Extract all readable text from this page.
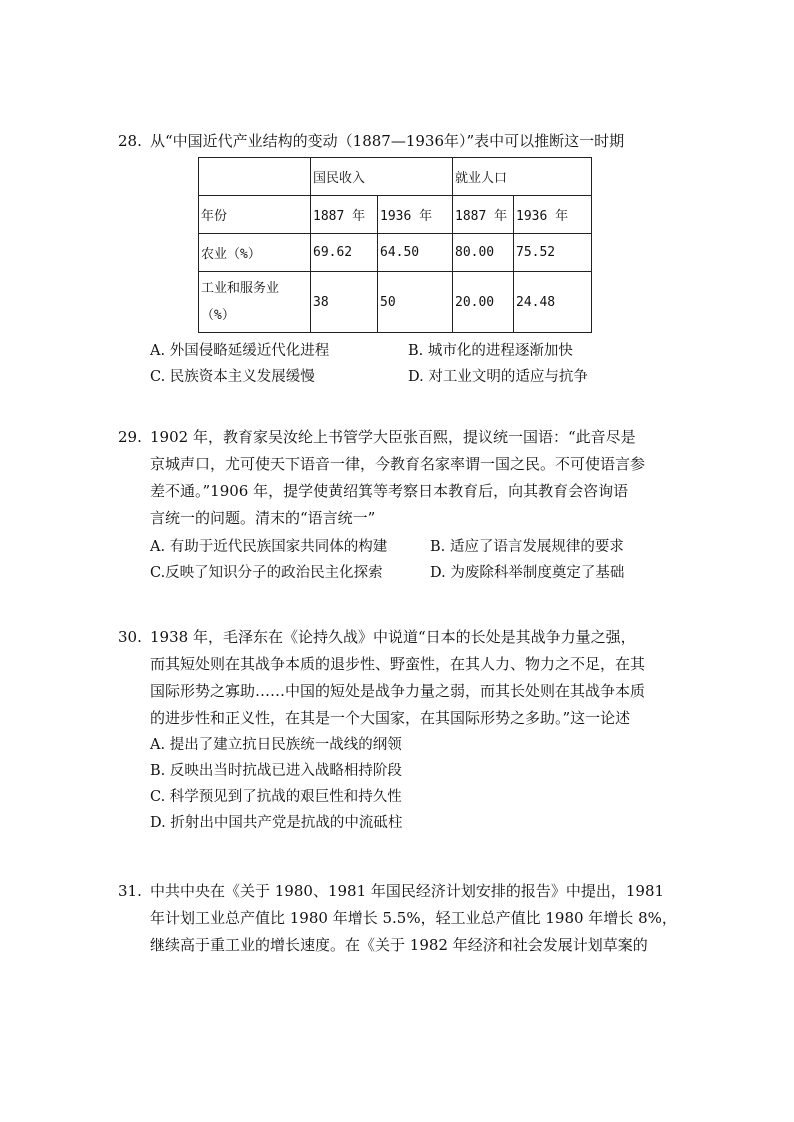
28. 从“中国近代产业结构的变动（1887—1936年）”表中可以推断这一时期

	国民收入		就业人口	
年份	1887 年	1936 年	1887 年	1936 年
农业（%）	69.62	64.50	80.00	75.52

工业和服务业
（%）	38	50	20.00	24.48
A. 外国侵略延缓近代化进程	B. 城市化的进程逐渐加快
C. 民族资本主义发展缓慢	D. 对工业文明的适应与抗争
29. 1902 年，教育家吴汝纶上书管学大臣张百熙，提议统一国语：“此音尽是
京城声口，尤可使天下语音一律，今教育名家率谓一国之民。不可使语言参
差不通。”1906 年，提学使黄绍箕等考察日本教育后，向其教育会咨询语
言统一的问题。清末的“语言统一”
A. 有助于近代民族国家共同体的构建	B. 适应了语言发展规律的要求
C.反映了知识分子的政治民主化探索	D. 为废除科举制度奠定了基础
30. 1938 年，毛泽东在《论持久战》中说道“日本的长处是其战争力量之强，
而其短处则在其战争本质的退步性、野蛮性，在其人力、物力之不足，在其
国际形势之寡助……中国的短处是战争力量之弱，而其长处则在其战争本质
的进步性和正义性，在其是一个大国家，在其国际形势之多助。”这一论述
A. 提出了建立抗日民族统一战线的纲领
B. 反映出当时抗战已进入战略相持阶段
C. 科学预见到了抗战的艰巨性和持久性
D. 折射出中国共产党是抗战的中流砥柱
31. 中共中央在《关于 1980、1981 年国民经济计划安排的报告》中提出，1981
年计划工业总产值比 1980 年增长 5.5%，轻工业总产值比 1980 年增长 8%，
继续高于重工业的增长速度。在《关于 1982 年经济和社会发展计划草案的
